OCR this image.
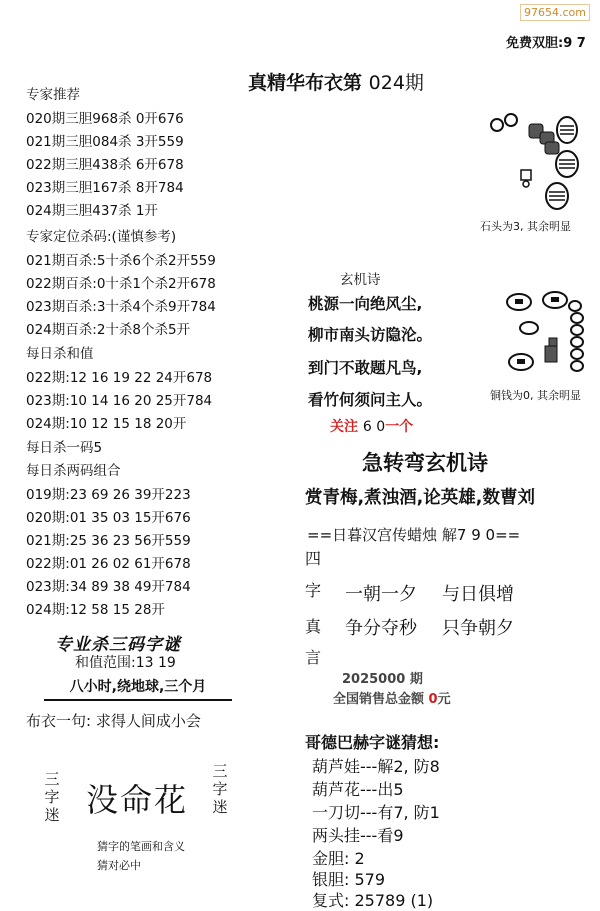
97654.com
免费双胆:9 7
真精华布衣第 024期
专家推荐
020期三胆968杀 0开676
021期三胆084杀 3开559
022期三胆438杀 6开678
023期三胆167杀 8开784
024期三胆437杀 1开
专家定位杀码:(谨慎参考)
021期百杀:5十杀6个杀2开559
022期百杀:0十杀1个杀2开678
023期百杀:3十杀4个杀9开784
024期百杀:2十杀8个杀5开
每日杀和值
022期:12 16 19 22 24开678
023期:10 14 16 20 25开784
024期:10 12 15 18 20开
每日杀一码5
每日杀两码组合
019期:23 69 26 39开223
020期:01 35 03 15开676
021期:25 36 23 56开559
022期:01 26 02 61开678
023期:34 89 38 49开784
024期:12 58 15 28开
专业杀三码字谜
和值范围:13 19
八小时,绕地球,三个月
布衣一句: 求得人间成小会
三字迷 没命花
三字迷
猜字的笔画和含义
猜对必中
石头为3, 其余明显
玄机诗
桃源一向绝风尘,
柳市南头访隐沦。
到门不敢题凡鸟,
看竹何须问主人。
关注 6 0一个
铜钱为0, 其余明显
急转弯玄机诗
赏青梅,煮浊酒,论英雄,数曹刘
==日暮汉宫传蜡烛 解7 9 0==
四
字
真
言
一朝一夕 与日俱增
争分夺秒 只争朝夕
2025000 期
全国销售总金额 0元
哥德巴赫字谜猜想:
葫芦娃---解2, 防8
葫芦花---出5
一刀切---有7, 防1
两头挂---看9
金胆: 2
银胆: 579
复式: 25789 (1)
